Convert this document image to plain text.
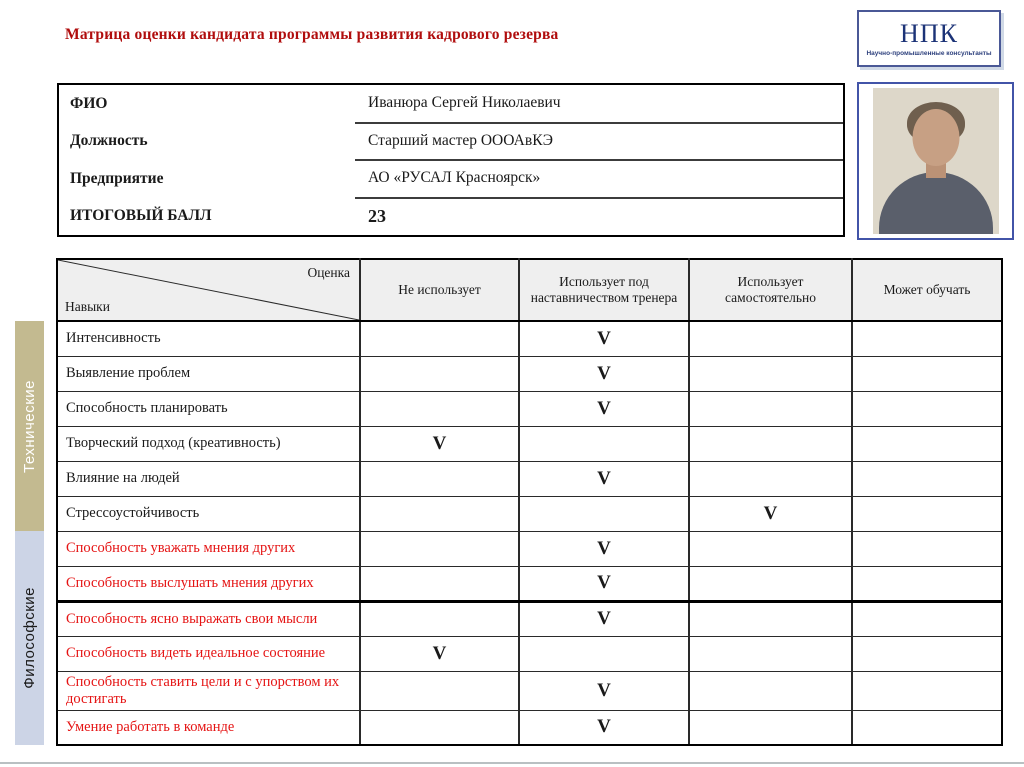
Матрица оценки кандидата программы развития кадрового резерва	НПК
Научно-промышленные консультанты
ФИО	Иванюра Сергей Николаевич
Должность	Старший мастер ОООАвКЭ
Предприятие	АО «РУСАЛ Красноярск»
ИТОГОВЫЙ БАЛЛ	23

	Оценка
Навыки	Не использует	Использует под наставничеством тренера	Использует самостоятельно	Может обучать

Технические	Интенсивность		V		
	Выявление проблем		V		
	Способность планировать		V		
	Творческий подход (креативность)	V			
	Влияние на людей		V		
	Стрессоустойчивость			V	

Философские	Способность уважать мнения других		V		
	Способность выслушать мнения других		V		
	Способность ясно выражать свои мысли		V		
	Способность видеть идеальное состояние	V			
	Способность ставить цели и с упорством их достигать		V		
	Умение работать в команде		V		
